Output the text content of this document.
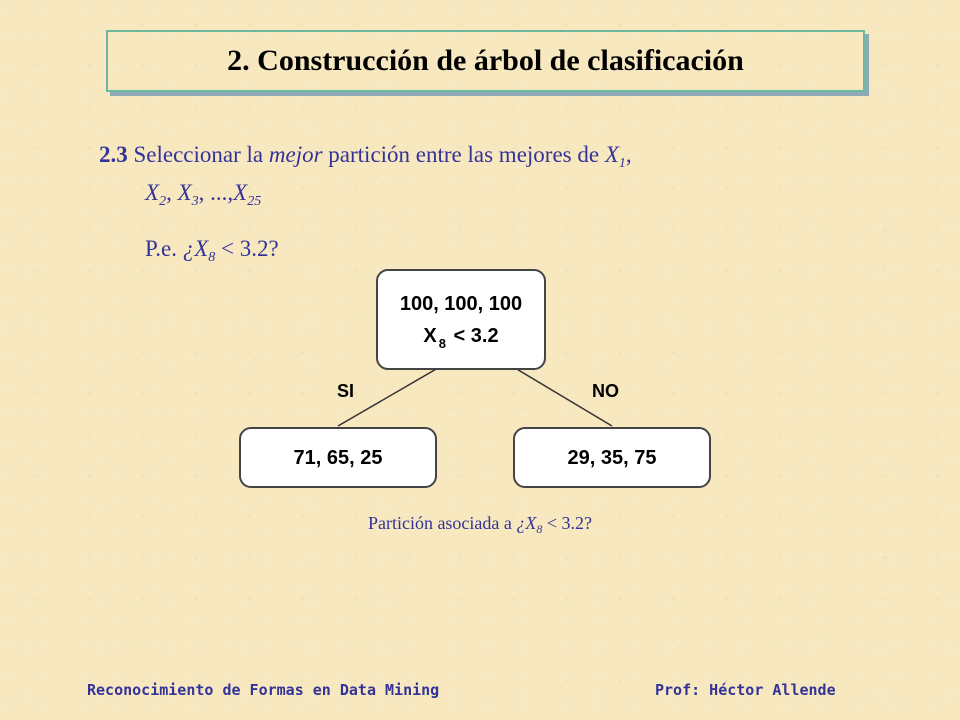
2. Construcción de árbol de clasificación
2.3 Seleccionar la mejor partición entre las mejores de $X_1$,
$X_2$, $X_3$, $...,X_{25}$
P.e. ¿$X_8 < 3.2$?
100, 100, 100
X $_8$ < 3.2
SI	NO
71, 65, 25	29, 35, 75
Partición asociada a ¿$X_8 < 3.2$?
Reconocimiento de Formas en Data Mining	Prof: Héctor Allende
